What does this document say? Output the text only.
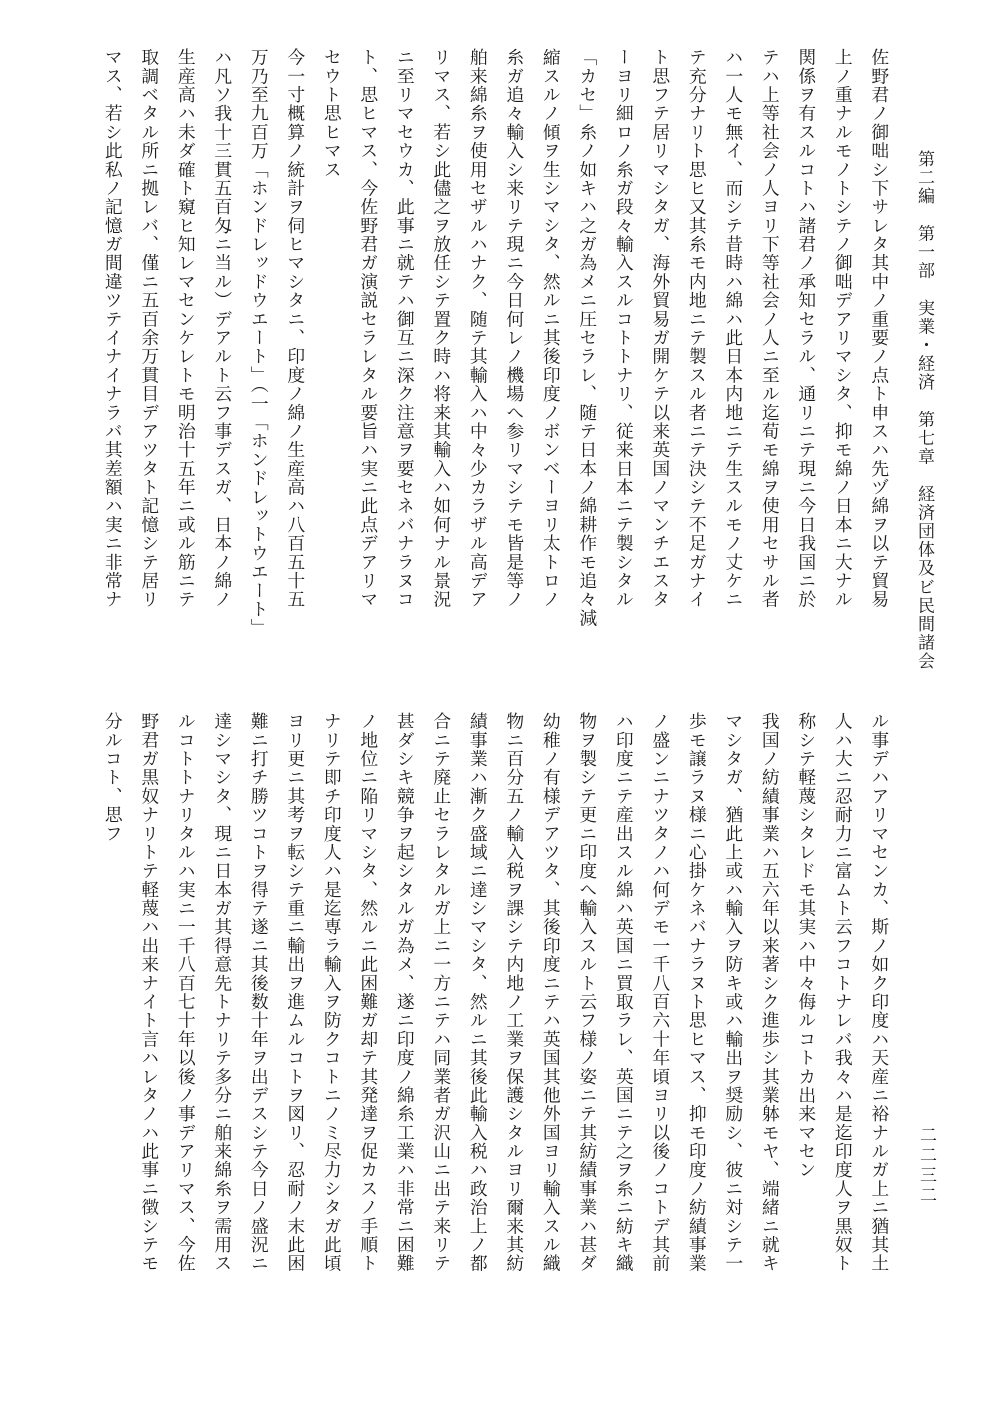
第二編　第一部　実業・経済　第七章　経済団体及ビ民間諸会
二二三二

佐野君ノ御咄シ下サレタ其中ノ重要ノ点ト申スハ先ヅ綿ヲ以テ貿易

上ノ重ナルモノトシテノ御咄デアリマシタ、抑モ綿ノ日本ニ大ナル

関係ヲ有スルコトハ諸君ノ承知セラル、通リニテ現ニ今日我国ニ於

テハ上等社会ノ人ヨリ下等社会ノ人ニ至ル迄荀モ綿ヲ使用セサル者

ハ一人モ無イ、而シテ昔時ハ綿ハ此日本内地ニテ生スルモノ丈ケニ

テ充分ナリト思ヒ又其糸モ内地ニテ製スル者ニテ決シテ不足ガナイ

ト思フテ居リマシタガ、海外貿易ガ開ケテ以来英国ノマンチエスタ

ーヨリ細ロノ糸ガ段々輸入スルコトトナリ、従来日本ニテ製シタル

「カセ」糸ノ如キハ之ガ為メニ圧セラレ、随テ日本ノ綿耕作モ追々減

縮スルノ傾ヲ生シマシタ、然ルニ其後印度ノボンベーヨリ太トロノ

糸ガ追々輸入シ来リテ現ニ今日何レノ機場へ参リマシテモ皆是等ノ

舶来綿糸ヲ使用セザルハナク、随テ其輸入ハ中々少カラザル高デア

リマス、若シ此儘之ヲ放任シテ置ク時ハ将来其輸入ハ如何ナル景況

ニ至リマセウカ、此事ニ就テハ御互ニ深ク注意ヲ要セネバナラヌコ

ト、思ヒマス、今佐野君ガ演説セラレタル要旨ハ実ニ此点デアリマ

セウト思ヒマス

今一寸概算ノ統計ヲ伺ヒマシタニ、印度ノ綿ノ生産高ハ八百五十五

万乃至九百万「ホンドレッドウエート」（一「ホンドレットウエート」

ハ凡ソ我十三貫五百匁ニ当ル）デアルト云フ事デスガ、日本ノ綿ノ

生産高ハ未ダ確ト窺ヒ知レマセンケレトモ明治十五年ニ或ル筋ニテ

取調ベタル所ニ拠レバ、僅ニ五百余万貫目デアツタト記憶シテ居リ

マス、若シ此私ノ記憶ガ間違ツテイナイナラバ其差額ハ実ニ非常ナ

ル事デハアリマセンカ、斯ノ如ク印度ハ天産ニ裕ナルガ上ニ猶其土

人ハ大ニ忍耐力ニ富ムト云フコトナレバ我々ハ是迄印度人ヲ黒奴ト

称シテ軽蔑シタレドモ其実ハ中々侮ルコトカ出来マセン

我国ノ紡績事業ハ五六年以来著シク進歩シ其業躰モヤ、端緒ニ就キ

マシタガ、猶此上或ハ輸入ヲ防キ或ハ輸出ヲ奨励シ、彼ニ対シテ一

歩モ譲ラヌ様ニ心掛ケネバナラヌト思ヒマス、抑モ印度ノ紡績事業

ノ盛ンニナツタノハ何デモ一千八百六十年頃ヨリ以後ノコトデ其前

ハ印度ニテ産出スル綿ハ英国ニ買取ラレ、英国ニテ之ヲ糸ニ紡キ織

物ヲ製シテ更ニ印度へ輸入スルト云フ様ノ姿ニテ其紡績事業ハ甚ダ

幼稚ノ有様デアツタ、其後印度ニテハ英国其他外国ヨリ輸入スル織

物ニ百分五ノ輸入税ヲ課シテ内地ノ工業ヲ保護シタルヨリ爾来其紡

績事業ハ漸ク盛域ニ達シマシタ、然ルニ其後此輸入税ハ政治上ノ都

合ニテ廃止セラレタルガ上ニ一方ニテハ同業者ガ沢山ニ出テ来リテ

甚ダシキ競争ヲ起シタルガ為メ、遂ニ印度ノ綿糸工業ハ非常ニ困難

ノ地位ニ陥リマシタ、然ルニ此困難ガ却テ其発達ヲ促カスノ手順ト

ナリテ即チ印度人ハ是迄専ラ輸入ヲ防クコトニノミ尽力シタガ此頃

ヨリ更ニ其考ヲ転シテ重ニ輸出ヲ進ムルコトヲ図リ、忍耐ノ末此困

難ニ打チ勝ツコトヲ得テ遂ニ其後数十年ヲ出デスシテ今日ノ盛況ニ

達シマシタ、現ニ日本ガ其得意先トナリテ多分ニ舶来綿糸ヲ需用ス

ルコトトナリタルハ実ニ一千八百七十年以後ノ事デアリマス、今佐

野君ガ黒奴ナリトテ軽蔑ハ出来ナイト言ハレタノハ此事ニ徴シテモ

分ルコト、思フ
